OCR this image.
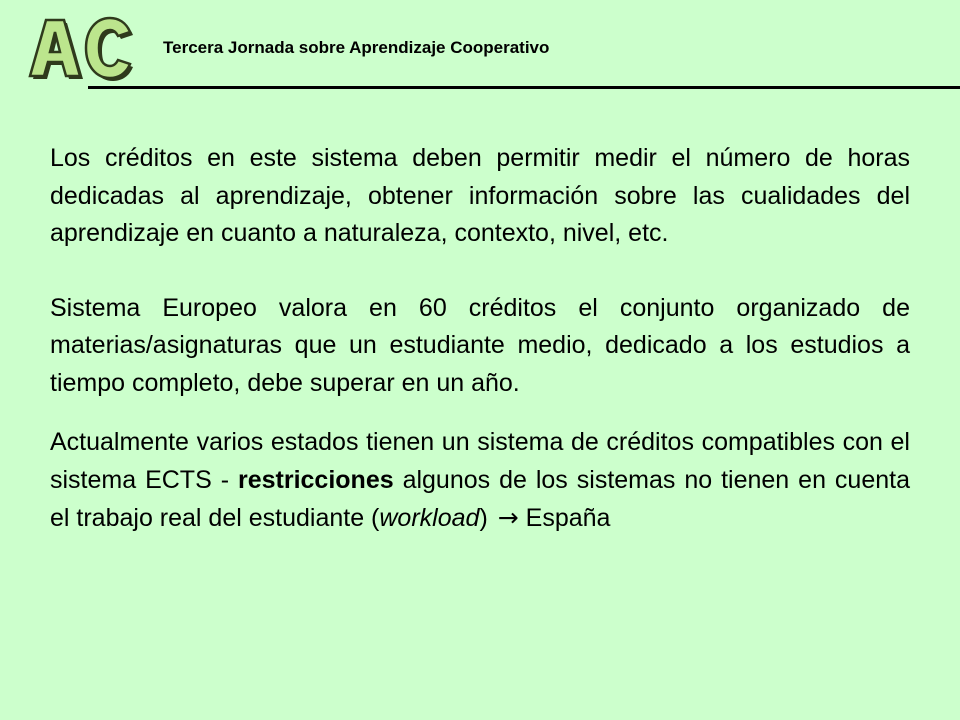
Tercera Jornada sobre Aprendizaje Cooperativo

Los créditos en este sistema deben permitir medir el número de horas dedicadas al aprendizaje, obtener información sobre las cualidades del aprendizaje en cuanto a naturaleza, contexto, nivel, etc.

Sistema Europeo valora en 60 créditos el conjunto organizado de materias/asignaturas que un estudiante medio, dedicado a los estudios a tiempo completo, debe superar en un año.

Actualmente varios estados tienen un sistema de créditos compatibles con el sistema ECTS - restricciones algunos de los sistemas no tienen en cuenta el trabajo real del estudiante (workload) → España
